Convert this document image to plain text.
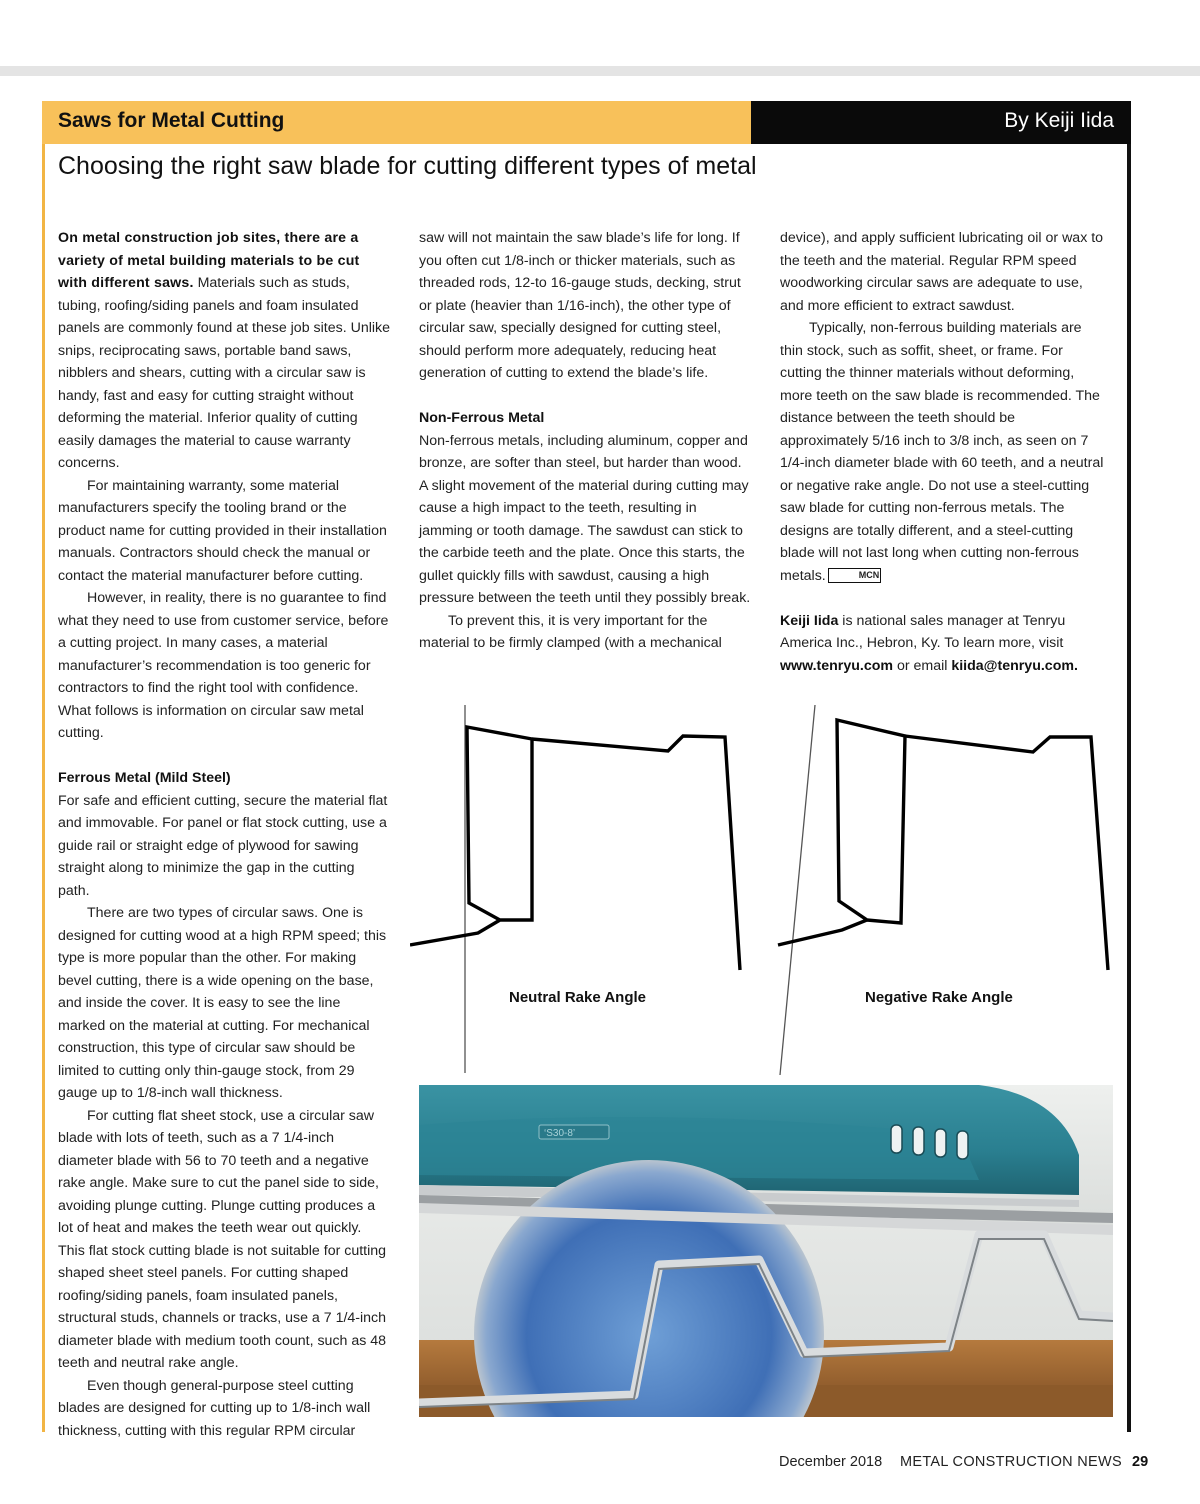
Saws for Metal Cutting	By Keiji Iida
Choosing the right saw blade for cutting different types of metal

On metal construction job sites, there are a variety of metal building materials to be cut with different saws. Materials such as studs, tubing, roofing/siding panels and foam insulated panels are commonly found at these job sites. Unlike snips, reciprocating saws, portable band saws, nibblers and shears, cutting with a circular saw is handy, fast and easy for cutting straight without deforming the material. Inferior quality of cutting easily damages the material to cause warranty concerns.

For maintaining warranty, some material manufacturers specify the tooling brand or the product name for cutting provided in their installation manuals. Contractors should check the manual or contact the material manufacturer before cutting.

However, in reality, there is no guarantee to find what they need to use from customer service, before a cutting project. In many cases, a material manufacturer’s recommendation is too generic for contractors to find the right tool with confidence. What follows is information on circular saw metal cutting.

Ferrous Metal (Mild Steel)

For safe and efficient cutting, secure the material flat and immovable. For panel or flat stock cutting, use a guide rail or straight edge of plywood for sawing straight along to minimize the gap in the cutting path.

There are two types of circular saws. One is designed for cutting wood at a high RPM speed; this type is more popular than the other. For making bevel cutting, there is a wide opening on the base, and inside the cover. It is easy to see the line marked on the material at cutting. For mechanical construction, this type of circular saw should be limited to cutting only thin-gauge stock, from 29 gauge up to 1/8-inch wall thickness.

For cutting flat sheet stock, use a circular saw blade with lots of teeth, such as a 7 1/4-inch diameter blade with 56 to 70 teeth and a negative rake angle. Make sure to cut the panel side to side, avoiding plunge cutting. Plunge cutting produces a lot of heat and makes the teeth wear out quickly. This flat stock cutting blade is not suitable for cutting shaped sheet steel panels. For cutting shaped roofing/siding panels, foam insulated panels, structural studs, channels or tracks, use a 7 1/4-inch diameter blade with medium tooth count, such as 48 teeth and neutral rake angle.

Even though general-purpose steel cutting blades are designed for cutting up to 1/8-inch wall thickness, cutting with this regular RPM circular

saw will not maintain the saw blade’s life for long. If you often cut 1/8-inch or thicker materials, such as threaded rods, 12-to 16-gauge studs, decking, strut or plate (heavier than 1/16-inch), the other type of circular saw, specially designed for cutting steel, should perform more adequately, reducing heat generation of cutting to extend the blade’s life.

Non-Ferrous Metal

Non-ferrous metals, including aluminum, copper and bronze, are softer than steel, but harder than wood. A slight movement of the material during cutting may cause a high impact to the teeth, resulting in jamming or tooth damage. The sawdust can stick to the carbide teeth and the plate. Once this starts, the gullet quickly fills with sawdust, causing a high pressure between the teeth until they possibly break.

To prevent this, it is very important for the material to be firmly clamped (with a mechanical

device), and apply sufficient lubricating oil or wax to the teeth and the material. Regular RPM speed woodworking circular saws are adequate to use, and more efficient to extract sawdust.

Typically, non-ferrous building materials are thin stock, such as soffit, sheet, or frame. For cutting the thinner materials without deforming, more teeth on the saw blade is recommended. The distance between the teeth should be approximately 5/16 inch to 3/8 inch, as seen on 7 1/4-inch diameter blade with 60 teeth, and a neutral or negative rake angle. Do not use a steel-cutting saw blade for cutting non-ferrous metals. The designs are totally different, and a steel-cutting blade will not last long when cutting non-ferrous metals.	MCN

Keiji Iida is national sales manager at Tenryu America Inc., Hebron, Ky. To learn more, visit www.tenryu.com or email kiida@tenryu.com.

Neutral Rake Angle	Negative Rake Angle
‘S30-8’
December 2018 METAL CONSTRUCTION NEWS 29
